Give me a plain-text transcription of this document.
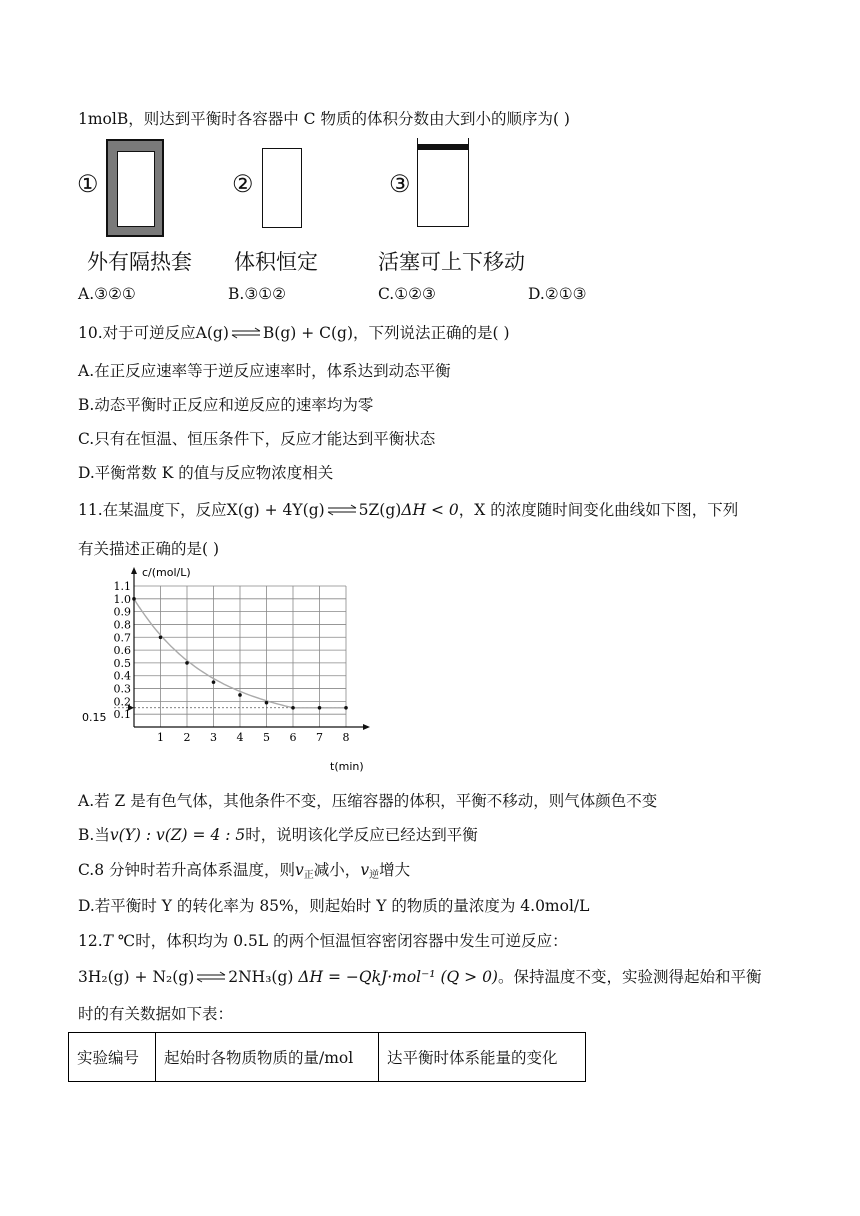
1molB，则达到平衡时各容器中 C 物质的体积分数由大到小的顺序为( )
①
外有隔热套
②
体积恒定
③
活塞可上下移动
A.③②①	B.③①②	C.①②③	D.②①③
10.对于可逆反应A(g) ⇌ B(g) + C(g)，下列说法正确的是( )
A.在正反应速率等于逆反应速率时，体系达到动态平衡
B.动态平衡时正反应和逆反应的速率均为零
C.只有在恒温、恒压条件下，反应才能达到平衡状态
D.平衡常数 K 的值与反应物浓度相关
11.在某温度下，反应X(g) + 4Y(g) ⇌ 5Z(g)ΔH < 0，X 的浓度随时间变化曲线如下图，下列
有关描述正确的是( )
1 2 3 4 5 6 7 8
0.1
0.2
0.3
0.4
0.5
0.6
0.7
0.8
0.9
1.0
1.1
c/(mol/L)
t(min)
0.15
A.若 Z 是有色气体，其他条件不变，压缩容器的体积，平衡不移动，则气体颜色不变
B.当v(Y) : v(Z) = 4 : 5时，说明该化学反应已经达到平衡
C.8 分钟时若升高体系温度，则$v_正$减小，$v_逆$增大
D.若平衡时 Y 的转化率为 85%，则起始时 Y 的物质的量浓度为 4.0mol/L
12.T ℃时，体积均为 0.5L 的两个恒温恒容密闭容器中发生可逆反应：
3H₂(g) + N₂(g) ⇌ 2NH₃(g) ΔH = −QkJ·mol⁻¹ (Q > 0)。保持温度不变，实验测得起始和平衡
时的有关数据如下表：
实验编号	起始时各物质物质的量/mol	达平衡时体系能量的变化
